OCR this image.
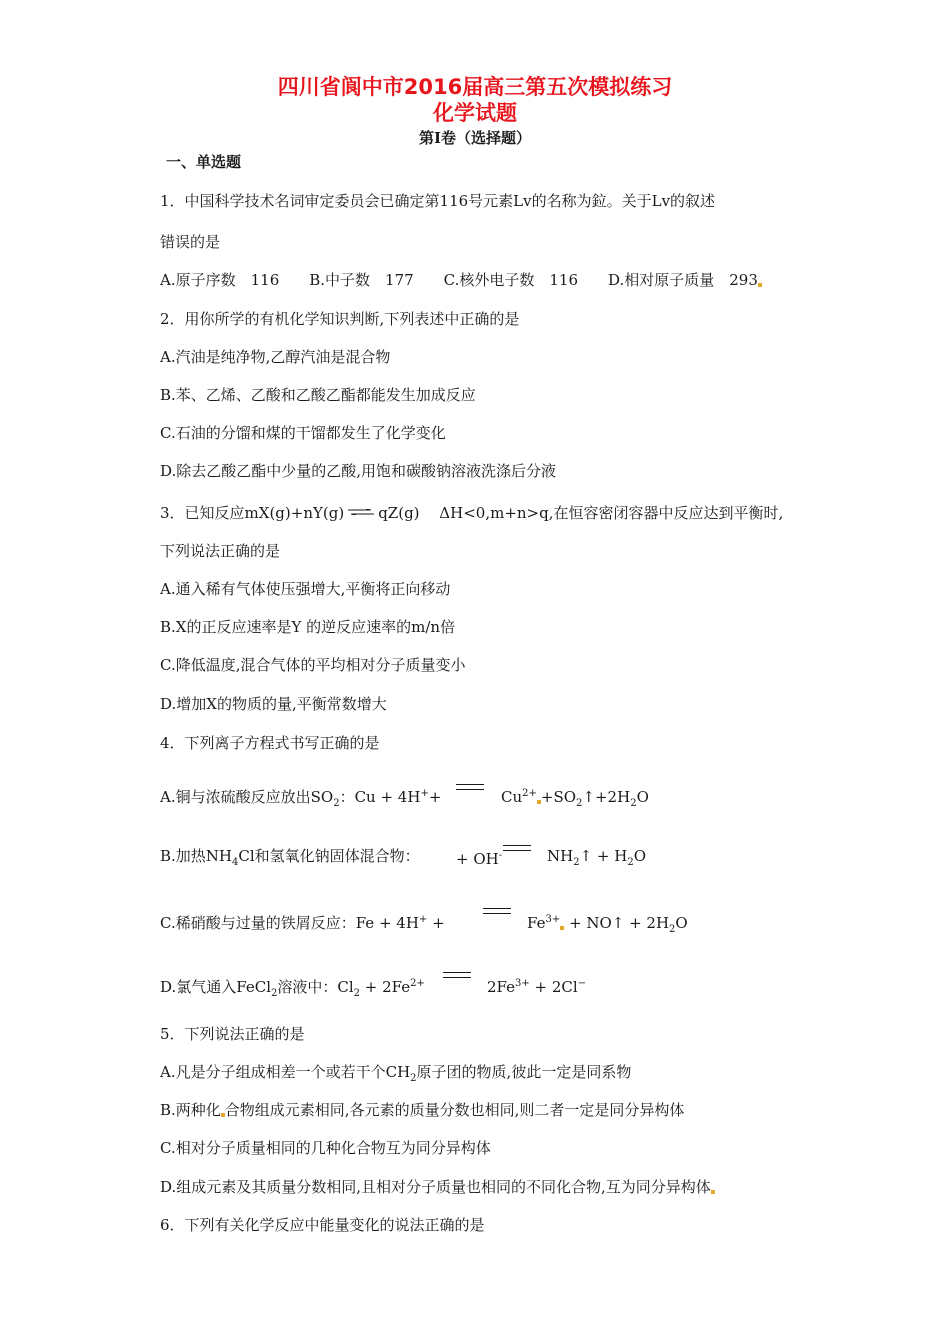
四川省阆中市2016届高三第五次模拟练习
化学试题
第Ⅰ卷（选择题）
一、单选题
1．中国科学技术名词审定委员会已确定第116号元素Lv的名称为鉝。关于Lv的叙述
错误的是
A.原子序数　116　　B.中子数　177　　C.核外电子数　116　　D.相对原子质量　293
2．用你所学的有机化学知识判断,下列表述中正确的是
A.汽油是纯净物,乙醇汽油是混合物
B.苯、乙烯、乙酸和乙酸乙酯都能发生加成反应
C.石油的分馏和煤的干馏都发生了化学变化
D.除去乙酸乙酯中少量的乙酸,用饱和碳酸钠溶液洗涤后分液
3．已知反应mX(g)+nY(g) ⇌ qZ(g)　 ΔH<0,m+n>q,在恒容密闭容器中反应达到平衡时,
下列说法正确的是
A.通入稀有气体使压强增大,平衡将正向移动
B.X的正反应速率是Y 的逆反应速率的m/n倍
C.降低温度,混合气体的平均相对分子质量变小
D.增加X的物质的量,平衡常数增大
4．下列离子方程式书写正确的是
A.铜与浓硫酸反应放出$SO_2$：Cu + 4H++	$Cu^{2+}$ $+SO_2↑+2H_2O$
B.加热$NH_4Cl$和氢氧化钠固体混合物： + OH-	$NH_2↑ + H_2O$
C.稀硝酸与过量的铁屑反应：Fe + 4H+ +	$Fe^{3+}$ + NO↑ + $2H_2O$
D.氯气通入FeCl$_2$溶液中：$Cl_2 + 2Fe^{2+}$	$2Fe^{3+} + 2Cl^-$
5．下列说法正确的是
A.凡是分子组成相差一个或若干个$CH_2$原子团的物质,彼此一定是同系物
B.两种化 合物组成元素相同,各元素的质量分数也相同,则二者一定是同分异构体
C.相对分子质量相同的几种化合物互为同分异构体
D.组成元素及其质量分数相同,且相对分子质量也相同的不同化合物,互为同分异构体
6．下列有关化学反应中能量变化的说法正确的是
